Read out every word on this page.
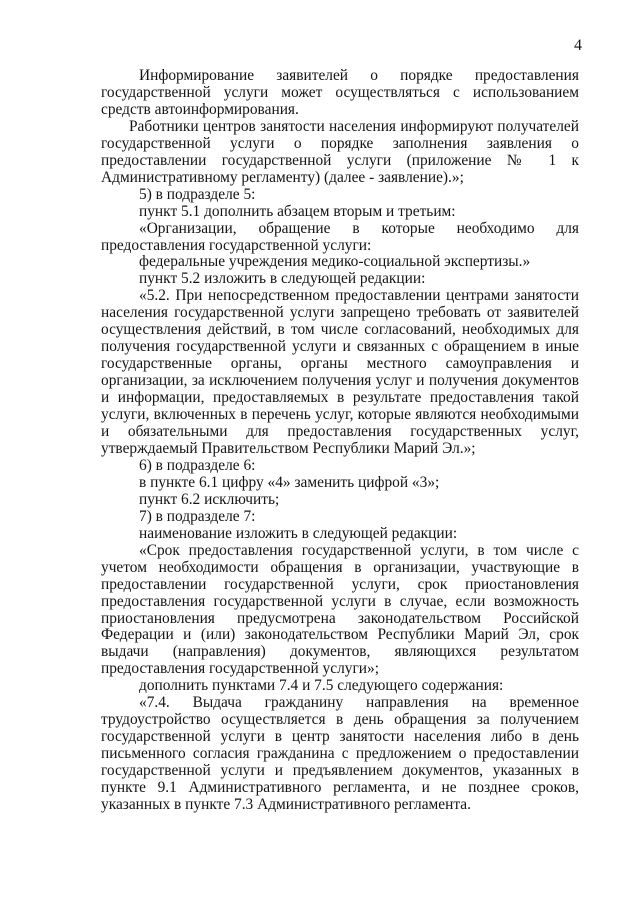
4

Информирование заявителей о порядке предоставления государственной услуги может осуществляться с использованием средств автоинформирования.

Работники центров занятости населения информируют получателей государственной услуги о порядке заполнения заявления о предоставлении государственной услуги (приложение № 1 к Административному регламенту) (далее - заявление).»;

5) в подразделе 5:

пункт 5.1 дополнить абзацем вторым и третьим:

«Организации, обращение в которые необходимо для предоставления государственной услуги:

федеральные учреждения медико-социальной экспертизы.»

пункт 5.2 изложить в следующей редакции:

«5.2. При непосредственном предоставлении центрами занятости населения государственной услуги запрещено требовать от заявителей осуществления действий, в том числе согласований, необходимых для получения государственной услуги и связанных с обращением в иные государственные органы, органы местного самоуправления и организации, за исключением получения услуг и получения документов и информации, предоставляемых в результате предоставления такой услуги, включенных в перечень услуг, которые являются необходимыми и обязательными для предоставления государственных услуг, утверждаемый Правительством Республики Марий Эл.»;

6) в подразделе 6:

в пункте 6.1 цифру «4» заменить цифрой «3»;

пункт 6.2 исключить;

7) в подразделе 7:

наименование изложить в следующей редакции:

«Срок предоставления государственной услуги, в том числе с учетом необходимости обращения в организации, участвующие в предоставлении государственной услуги, срок приостановления предоставления государственной услуги в случае, если возможность приостановления предусмотрена законодательством Российской Федерации и (или) законодательством Республики Марий Эл, срок выдачи (направления) документов, являющихся результатом предоставления государственной услуги»;

дополнить пунктами 7.4 и 7.5 следующего содержания:

«7.4. Выдача гражданину направления на временное трудоустройство осуществляется в день обращения за получением государственной услуги в центр занятости населения либо в день письменного согласия гражданина с предложением о предоставлении государственной услуги и предъявлением документов, указанных в пункте 9.1 Административного регламента, и не позднее сроков, указанных в пункте 7.3 Административного регламента.
